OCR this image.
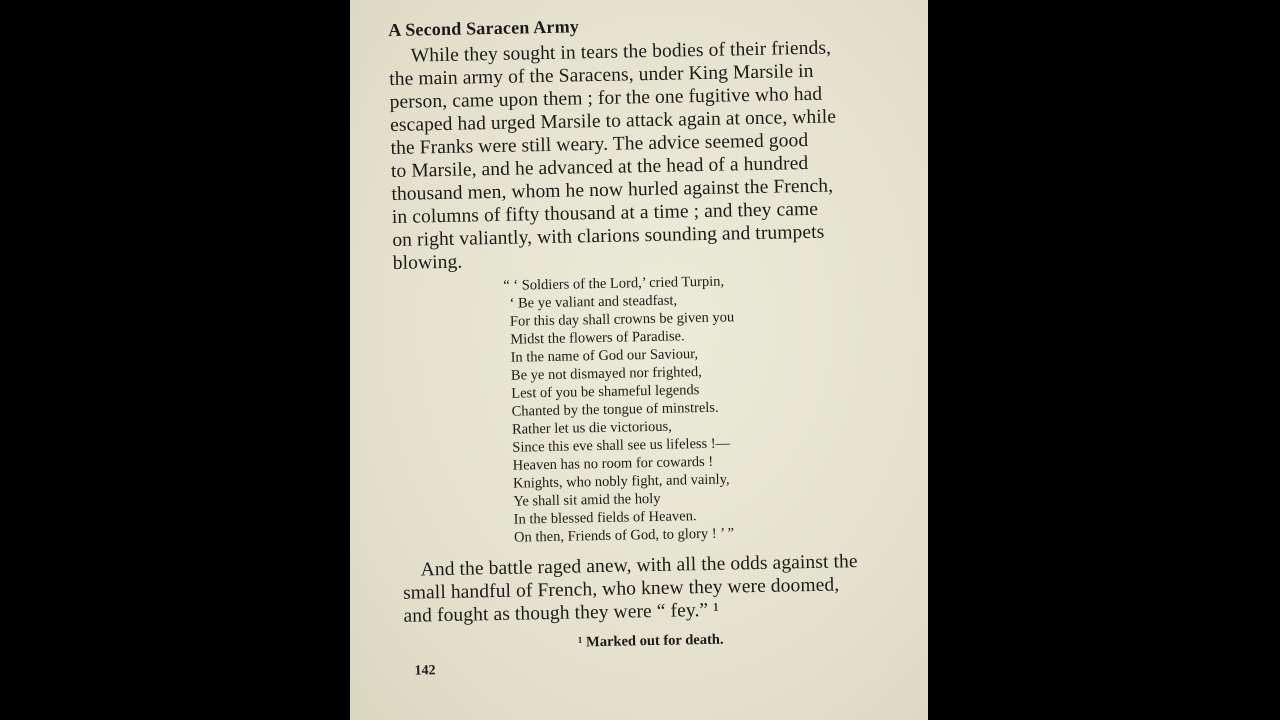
A Second Saracen Army
While they sought in tears the bodies of their friends,
the main army of the Saracens, under King Marsile in
person, came upon them ; for the one fugitive who had
escaped had urged Marsile to attack again at once, while
the Franks were still weary. The advice seemed good
to Marsile, and he advanced at the head of a hundred
thousand men, whom he now hurled against the French,
in columns of fifty thousand at a time ; and they came
on right valiantly, with clarions sounding and trumpets
blowing.
“ ‘ Soldiers of the Lord,’ cried Turpin,
‘ Be ye valiant and steadfast,
For this day shall crowns be given you
Midst the flowers of Paradise.
In the name of God our Saviour,
Be ye not dismayed nor frighted,
Lest of you be shameful legends
Chanted by the tongue of minstrels.
Rather let us die victorious,
Since this eve shall see us lifeless !—
Heaven has no room for cowards !
Knights, who nobly fight, and vainly,
Ye shall sit amid the holy
In the blessed fields of Heaven.
On then, Friends of God, to glory ! ’ ”
And the battle raged anew, with all the odds against the
small handful of French, who knew they were doomed,
and fought as though they were “ fey.” ¹
¹ Marked out for death.
142
